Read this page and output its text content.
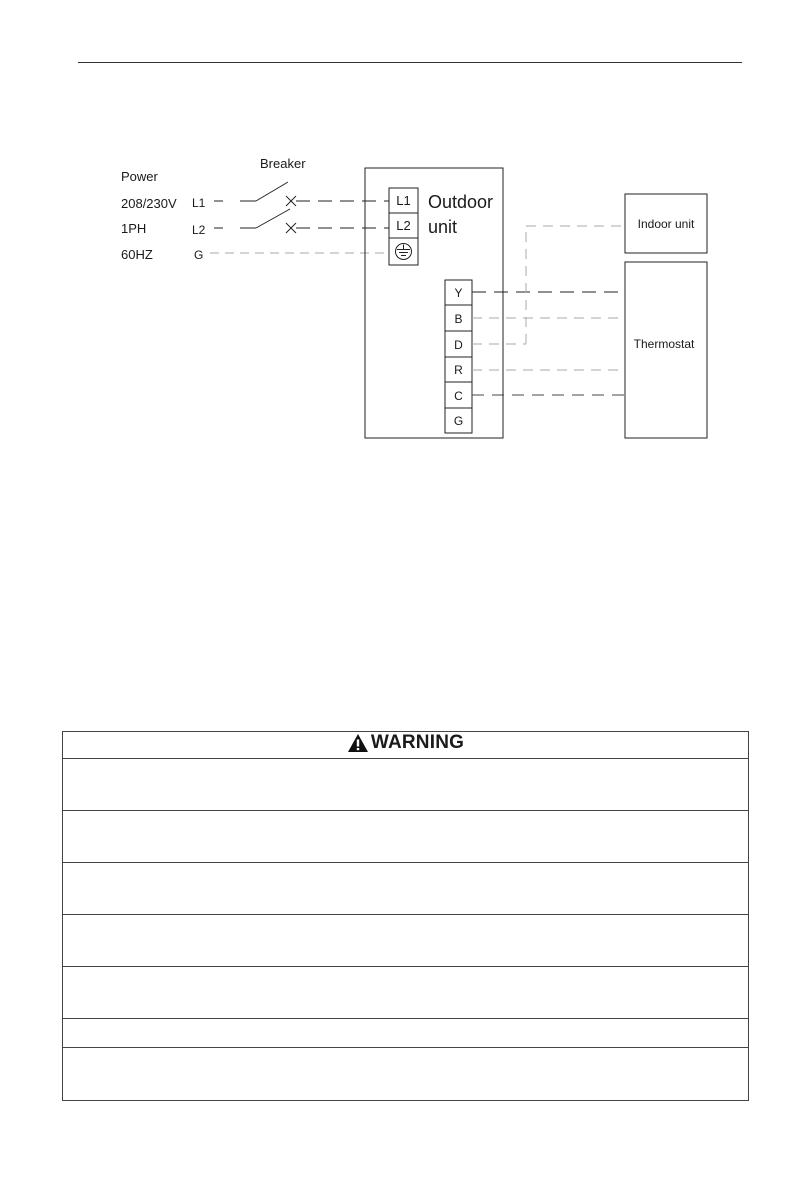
Power
208/230V
1PH
60HZ
L1
L2
G
Breaker
Outdoor
unit
L1
L2
Y
B
D
R
C
G
Indoor unit
Thermostat
WARNING
